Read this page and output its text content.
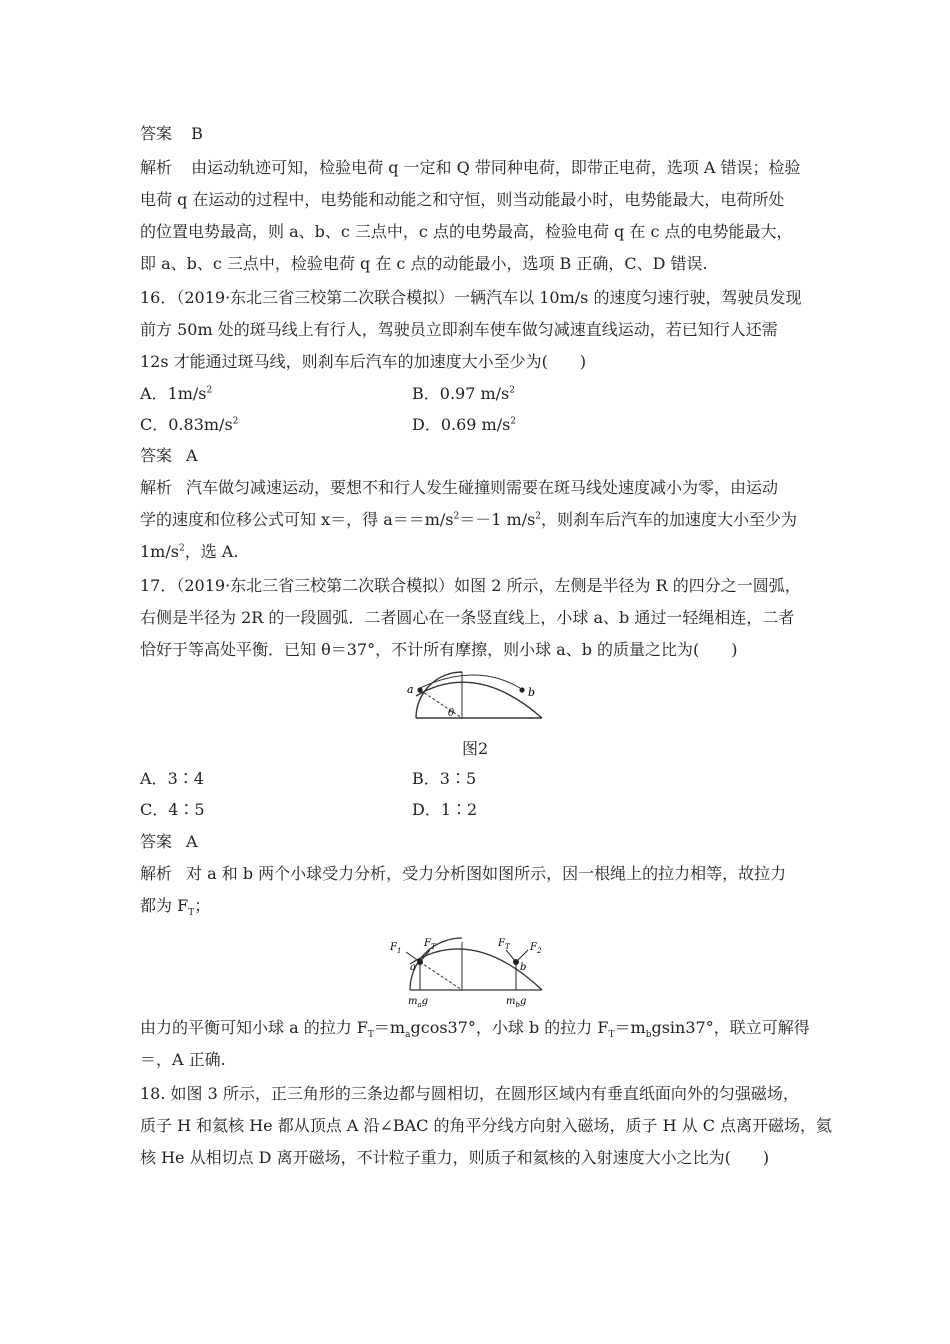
答案 B
解析 由运动轨迹可知，检验电荷 q 一定和 Q 带同种电荷，即带正电荷，选项 A 错误；检验
电荷 q 在运动的过程中，电势能和动能之和守恒，则当动能最小时，电势能最大，电荷所处
的位置电势最高，则 a、b、c 三点中，c 点的电势最高，检验电荷 q 在 c 点的电势能最大，
即 a、b、c 三点中，检验电荷 q 在 c 点的动能最小，选项 B 正确，C、D 错误.
16．（2019·东北三省三校第二次联合模拟）一辆汽车以 10m/s 的速度匀速行驶，驾驶员发现
前方 50m 处的斑马线上有行人，驾驶员立即刹车使车做匀减速直线运动，若已知行人还需
12s 才能通过斑马线，则刹车后汽车的加速度大小至少为(　　)
A．$1m/s^2$	B．0.97 $m/s^2$
C．$0.83m/s^2$	D．0.69 $m/s^2$
答案 A
解析 汽车做匀减速运动，要想不和行人发生碰撞则需要在斑马线处速度减小为零，由运动
学的速度和位移公式可知 x＝，得 $a==m/s^2=-1$ $m/s^2$，则刹车后汽车的加速度大小至少为
$1m/s^2$，选 A.
17．（2019·东北三省三校第二次联合模拟）如图 2 所示，左侧是半径为 R 的四分之一圆弧，
右侧是半径为 2R 的一段圆弧．二者圆心在一条竖直线上，小球 a、b 通过一轻绳相连，二者
恰好于等高处平衡．已知 θ＝37°，不计所有摩擦，则小球 a、b 的质量之比为(　　)
a	b
θ
图2
A．3∶4	B．3∶5
C．4∶5	D．1∶2
答案 A
解析 对 a 和 b 两个小球受力分析，受力分析图如图所示，因一根绳上的拉力相等，故拉力
都为 $F_T$；
$F_1$
$F_T$	$F_T$ $F_2$
a	b
$m_ag$	$m_bg$
由力的平衡可知小球 a 的拉力 $F_T=m_agcos37^\circ$，小球 b 的拉力 $F_T=m_bgsin37^\circ$，联立可解得
＝，A 正确.
18. 如图 3 所示，正三角形的三条边都与圆相切，在圆形区域内有垂直纸面向外的匀强磁场，
质子 H 和氦核 He 都从顶点 A 沿∠BAC 的角平分线方向射入磁场，质子 H 从 C 点离开磁场，氦
核 He 从相切点 D 离开磁场，不计粒子重力，则质子和氦核的入射速度大小之比为(　　)
